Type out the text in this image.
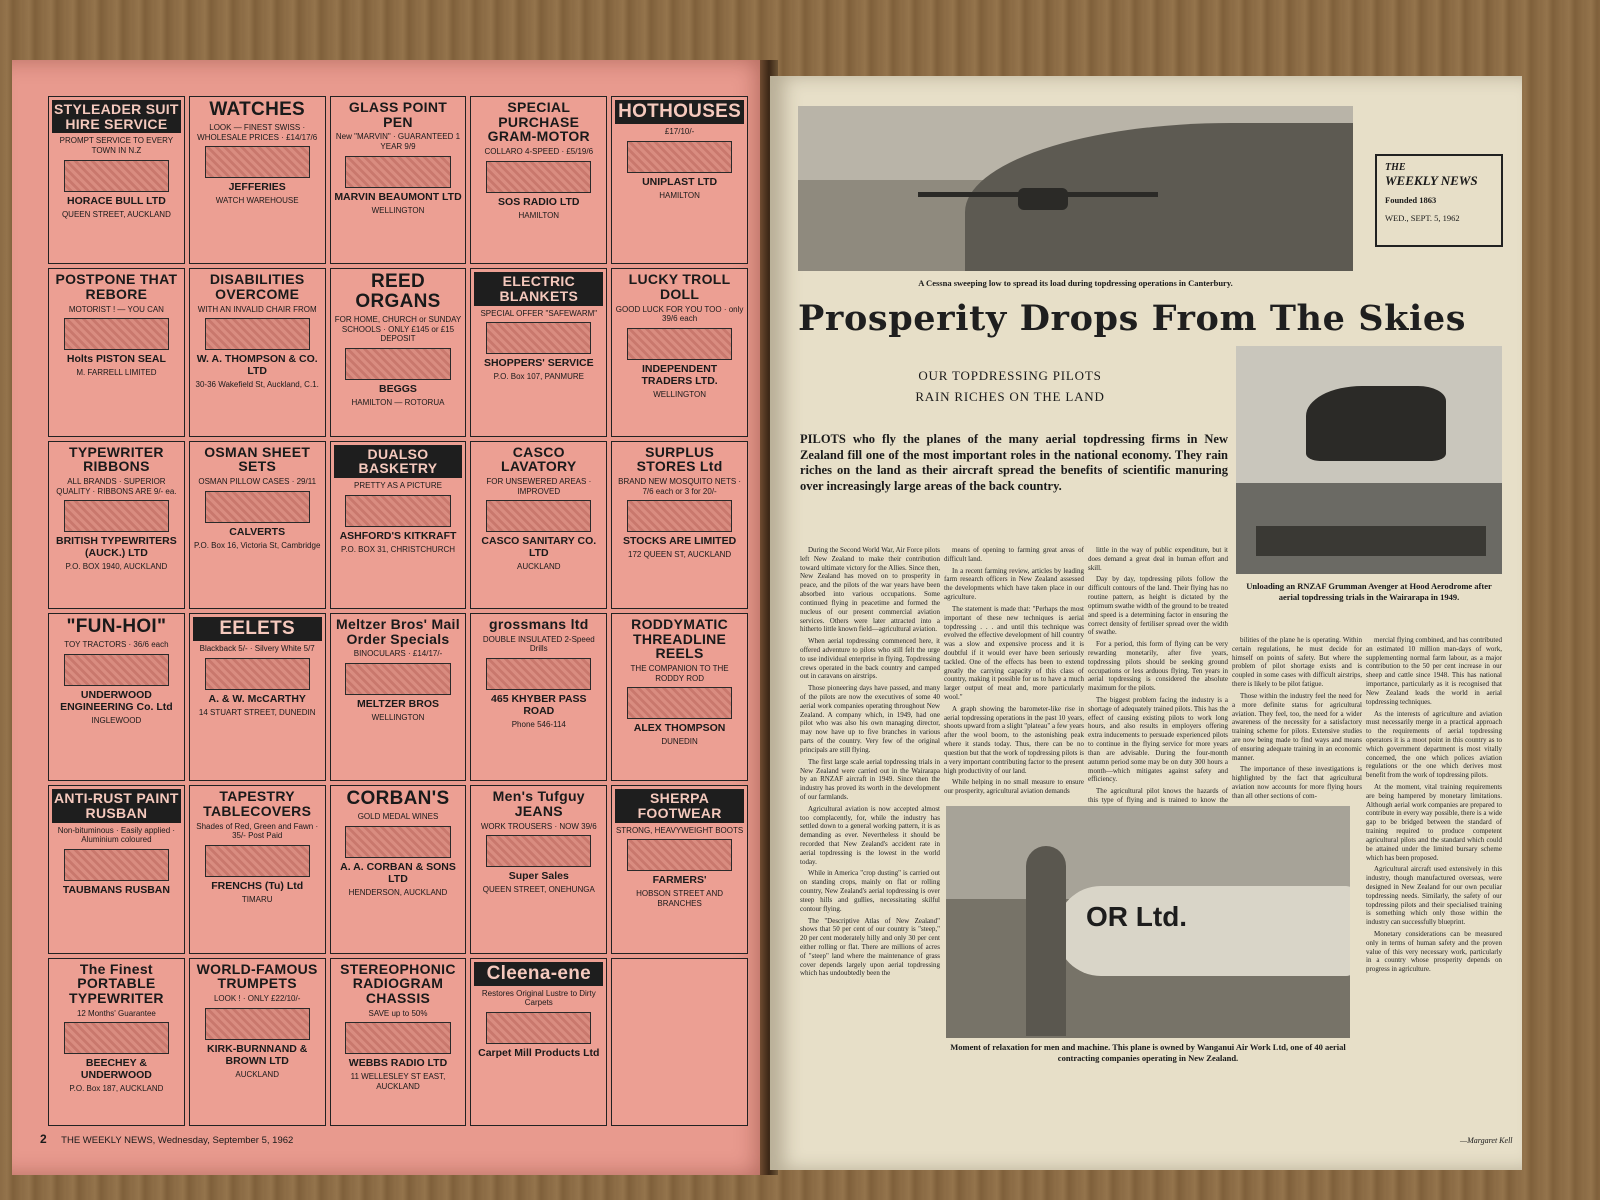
STYLEADER SUIT HIRE SERVICE
PROMPT SERVICE TO EVERY TOWN IN N.Z
HORACE BULL LTD
QUEEN STREET, AUCKLAND
WATCHES
LOOK — FINEST SWISS · WHOLESALE PRICES · £14/17/6
JEFFERIES
WATCH WAREHOUSE
GLASS POINT PEN
New "MARVIN" · GUARANTEED 1 YEAR 9/9
MARVIN BEAUMONT LTD
WELLINGTON
SPECIAL PURCHASE GRAM-MOTOR
COLLARO 4-SPEED · £5/19/6
SOS RADIO LTD
HAMILTON
HOTHOUSES
£17/10/-
UNIPLAST LTD
HAMILTON
POSTPONE THAT REBORE
MOTORIST ! — YOU CAN
Holts PISTON SEAL
M. FARRELL LIMITED
DISABILITIES OVERCOME
WITH AN INVALID CHAIR FROM
W. A. THOMPSON & CO. LTD
30-36 Wakefield St, Auckland, C.1.
REED ORGANS
FOR HOME, CHURCH or SUNDAY SCHOOLS · ONLY £145 or £15 DEPOSIT
BEGGS
HAMILTON — ROTORUA
ELECTRIC BLANKETS
SPECIAL OFFER "SAFEWARM"
SHOPPERS' SERVICE
P.O. Box 107, PANMURE
LUCKY TROLL DOLL
GOOD LUCK FOR YOU TOO · only 39/6 each
INDEPENDENT TRADERS LTD.
WELLINGTON
TYPEWRITER RIBBONS
ALL BRANDS · SUPERIOR QUALITY · RIBBONS ARE 9/- ea.
BRITISH TYPEWRITERS (AUCK.) LTD
P.O. BOX 1940, AUCKLAND
OSMAN SHEET SETS
OSMAN PILLOW CASES · 29/11
CALVERTS
P.O. Box 16, Victoria St, Cambridge
DUALSO BASKETRY
PRETTY AS A PICTURE
ASHFORD'S KITKRAFT
P.O. BOX 31, CHRISTCHURCH
CASCO LAVATORY
FOR UNSEWERED AREAS · IMPROVED
CASCO SANITARY CO. LTD
AUCKLAND
SURPLUS STORES Ltd
BRAND NEW MOSQUITO NETS · 7/6 each or 3 for 20/-
STOCKS ARE LIMITED
172 QUEEN ST, AUCKLAND
"FUN-HOI"
TOY TRACTORS · 36/6 each
UNDERWOOD ENGINEERING Co. Ltd
INGLEWOOD
EELETS
Blackback 5/- · Silvery White 5/7
A. & W. McCARTHY
14 STUART STREET, DUNEDIN
Meltzer Bros' Mail Order Specials
BINOCULARS · £14/17/-
MELTZER BROS
WELLINGTON
grossmans ltd
DOUBLE INSULATED 2-Speed Drills
465 KHYBER PASS ROAD
Phone 546-114
RODDYMATIC THREADLINE REELS
THE COMPANION TO THE RODDY ROD
ALEX THOMPSON
DUNEDIN
ANTI-RUST PAINT RUSBAN
Non-bituminous · Easily applied · Aluminium coloured
TAUBMANS RUSBAN
TAPESTRY TABLECOVERS
Shades of Red, Green and Fawn · 35/- Post Paid
FRENCHS (Tu) Ltd
TIMARU
CORBAN'S
GOLD MEDAL WINES
A. A. CORBAN & SONS LTD
HENDERSON, AUCKLAND
Men's Tufguy JEANS
WORK TROUSERS · NOW 39/6
Super Sales
QUEEN STREET, ONEHUNGA
SHERPA FOOTWEAR
STRONG, HEAVYWEIGHT BOOTS
FARMERS'
HOBSON STREET AND BRANCHES
The Finest PORTABLE TYPEWRITER
12 Months' Guarantee
BEECHEY & UNDERWOOD
P.O. Box 187, AUCKLAND
WORLD-FAMOUS TRUMPETS
LOOK ! · ONLY £22/10/-
KIRK-BURNNAND & BROWN LTD
AUCKLAND
STEREOPHONIC RADIOGRAM CHASSIS
SAVE up to 50%
WEBBS RADIO LTD
11 WELLESLEY ST EAST, AUCKLAND
Cleena-ene
Restores Original Lustre to Dirty Carpets
Carpet Mill Products Ltd
2 THE WEEKLY NEWS, Wednesday, September 5, 1962
A Cessna sweeping low to spread its load during topdressing operations in Canterbury.
THE
WEEKLY NEWS
Founded 1863
WED., SEPT. 5, 1962
Prosperity Drops From The Skies
OUR TOPDRESSING PILOTS
RAIN RICHES ON THE LAND
Unloading an RNZAF Grumman Avenger at Hood Aerodrome after aerial topdressing trials in the Wairarapa in 1949.
PILOTS who fly the planes of the many aerial topdressing firms in New Zealand fill one of the most important roles in the national economy. They rain riches on the land as their aircraft spread the benefits of scientific manuring over increasingly large areas of the back country.

During the Second World War, Air Force pilots left New Zealand to make their contribution toward ultimate victory for the Allies. Since then, New Zealand has moved on to prosperity in peace, and the pilots of the war years have been absorbed into various occupations. Some continued flying in peacetime and formed the nucleus of our present commercial aviation services. Others were later attracted into a hitherto little known field—agricultural aviation.

When aerial topdressing commenced here, it offered adventure to pilots who still felt the urge to use individual enterprise in flying. Topdressing crews operated in the back country and camped out in caravans on airstrips.

Those pioneering days have passed, and many of the pilots are now the executives of some 40 aerial work companies operating throughout New Zealand. A company which, in 1949, had one pilot who was also his own managing director, may now have up to five branches in various parts of the country. Very few of the original principals are still flying.

The first large scale aerial topdressing trials in New Zealand were carried out in the Wairarapa by an RNZAF aircraft in 1949. Since then the industry has proved its worth in the development of our farmlands.

Agricultural aviation is now accepted almost too complacently, for, while the industry has settled down to a general working pattern, it is as demanding as ever. Nevertheless it should be recorded that New Zealand's accident rate in aerial topdressing is the lowest in the world today.

While in America "crop dusting" is carried out on standing crops, mainly on flat or rolling country, New Zealand's aerial topdressing is over steep hills and gullies, necessitating skilful contour flying.

The "Descriptive Atlas of New Zealand" shows that 50 per cent of our country is "steep," 20 per cent moderately hilly and only 30 per cent either rolling or flat. There are millions of acres of "steep" land where the maintenance of grass cover depends largely upon aerial topdressing which has undoubtedly been the

means of opening to farming great areas of difficult land.

In a recent farming review, articles by leading farm research officers in New Zealand assessed the developments which have taken place in our agriculture.

The statement is made that: "Perhaps the most important of these new techniques is aerial topdressing . . . and until this technique was evolved the effective development of hill country was a slow and expensive process and it is doubtful if it would ever have been seriously tackled. One of the effects has been to extend greatly the carrying capacity of this class of country, making it possible for us to have a much larger output of meat and, more particularly wool."

A graph showing the barometer-like rise in aerial topdressing operations in the past 10 years, shoots upward from a slight "plateau" a few years after the wool boom, to the astonishing peak where it stands today. Thus, there can be no question but that the work of topdressing pilots is a very important contributing factor to the present high productivity of our land.

While helping in no small measure to ensure our prosperity, agricultural aviation demands

little in the way of public expenditure, but it does demand a great deal in human effort and skill.

Day by day, topdressing pilots follow the difficult contours of the land. Their flying has no routine pattern, as height is dictated by the optimum swathe width of the ground to be treated and speed is a determining factor in ensuring the correct density of fertiliser spread over the width of swathe.

For a period, this form of flying can be very rewarding monetarily, after five years, topdressing pilots should be seeking ground occupations or less arduous flying. Ten years in aerial topdressing is considered the absolute maximum for the pilots.

The biggest problem facing the industry is a shortage of adequately trained pilots. This has the effect of causing existing pilots to work long hours, and also results in employers offering extra inducements to persuade experienced pilots to continue in the flying service for more years than are advisable. During the four-month autumn period some may be on duty 300 hours a month—which mitigates against safety and efficiency.

The agricultural pilot knows the hazards of this type of flying and is trained to know the

bilities of the plane he is operating. Within certain regulations, he must decide for himself on points of safety. But where the problem of pilot shortage exists and is coupled in some cases with difficult airstrips, there is likely to be pilot fatigue.

Those within the industry feel the need for a more definite status for agricultural aviation. They feel, too, the need for a wider awareness of the necessity for a satisfactory training scheme for pilots. Extensive studies are now being made to find ways and means of ensuring adequate training in an economic manner.

The importance of these investigations is highlighted by the fact that agricultural aviation now accounts for more flying hours than all other sections of com-

mercial flying combined, and has contributed an estimated 10 million man-days of work, supplementing normal farm labour, as a major contribution to the 50 per cent increase in our sheep and cattle since 1948. This has national importance, particularly as it is recognised that New Zealand leads the world in aerial topdressing techniques.

As the interests of agriculture and aviation must necessarily merge in a practical approach to the requirements of aerial topdressing operators it is a moot point in this country as to which government department is most vitally concerned, the one which polices aviation regulations or the one which derives most benefit from the work of topdressing pilots.

At the moment, vital training requirements are being hampered by monetary limitations. Although aerial work companies are prepared to contribute in every way possible, there is a wide gap to be bridged between the standard of training required to produce competent agricultural pilots and the standard which could be attained under the limited bursary scheme which has been proposed.

Agricultural aircraft used extensively in this industry, though manufactured overseas, were designed in New Zealand for our own peculiar topdressing needs. Similarly, the safety of our topdressing pilots and their specialised training is something which only those within the industry can successfully blueprint.

Monetary considerations can be measured only in terms of human safety and the proven value of this very necessary work, particularly in a country whose prosperity depends on progress in agriculture.

—Margaret Kell
OR Ltd.
Moment of relaxation for men and machine. This plane is owned by Wanganui Air Work Ltd, one of 40 aerial contracting companies operating in New Zealand.
